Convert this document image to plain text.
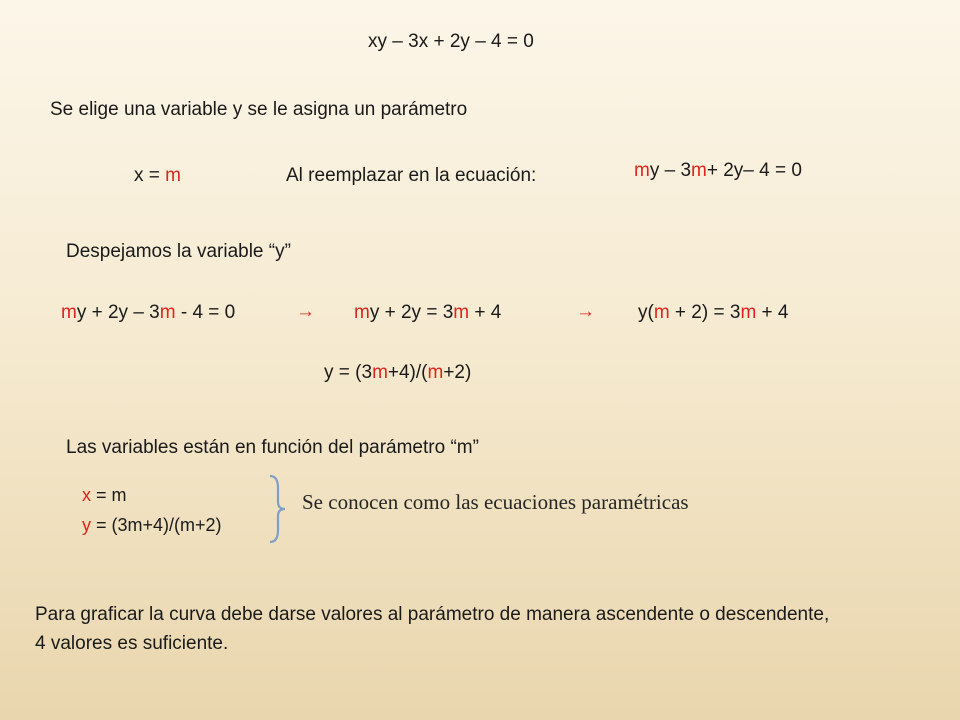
xy – 3x + 2y – 4 = 0
Se elige una variable y se le asigna un parámetro
x = m	Al reemplazar en la ecuación:	my – 3m+ 2y– 4 = 0
Despejamos la variable “y”
my + 2y – 3m - 4 = 0	→ my + 2y = 3m + 4	→ y(m + 2) = 3m + 4
y = (3m+4)/(m+2)
Las variables están en función del parámetro “m”
x = m
y = (3m+4)/(m+2)
Se conocen como las ecuaciones paramétricas
Para graficar la curva debe darse valores al parámetro de manera ascendente o descendente,
4 valores es suficiente.
